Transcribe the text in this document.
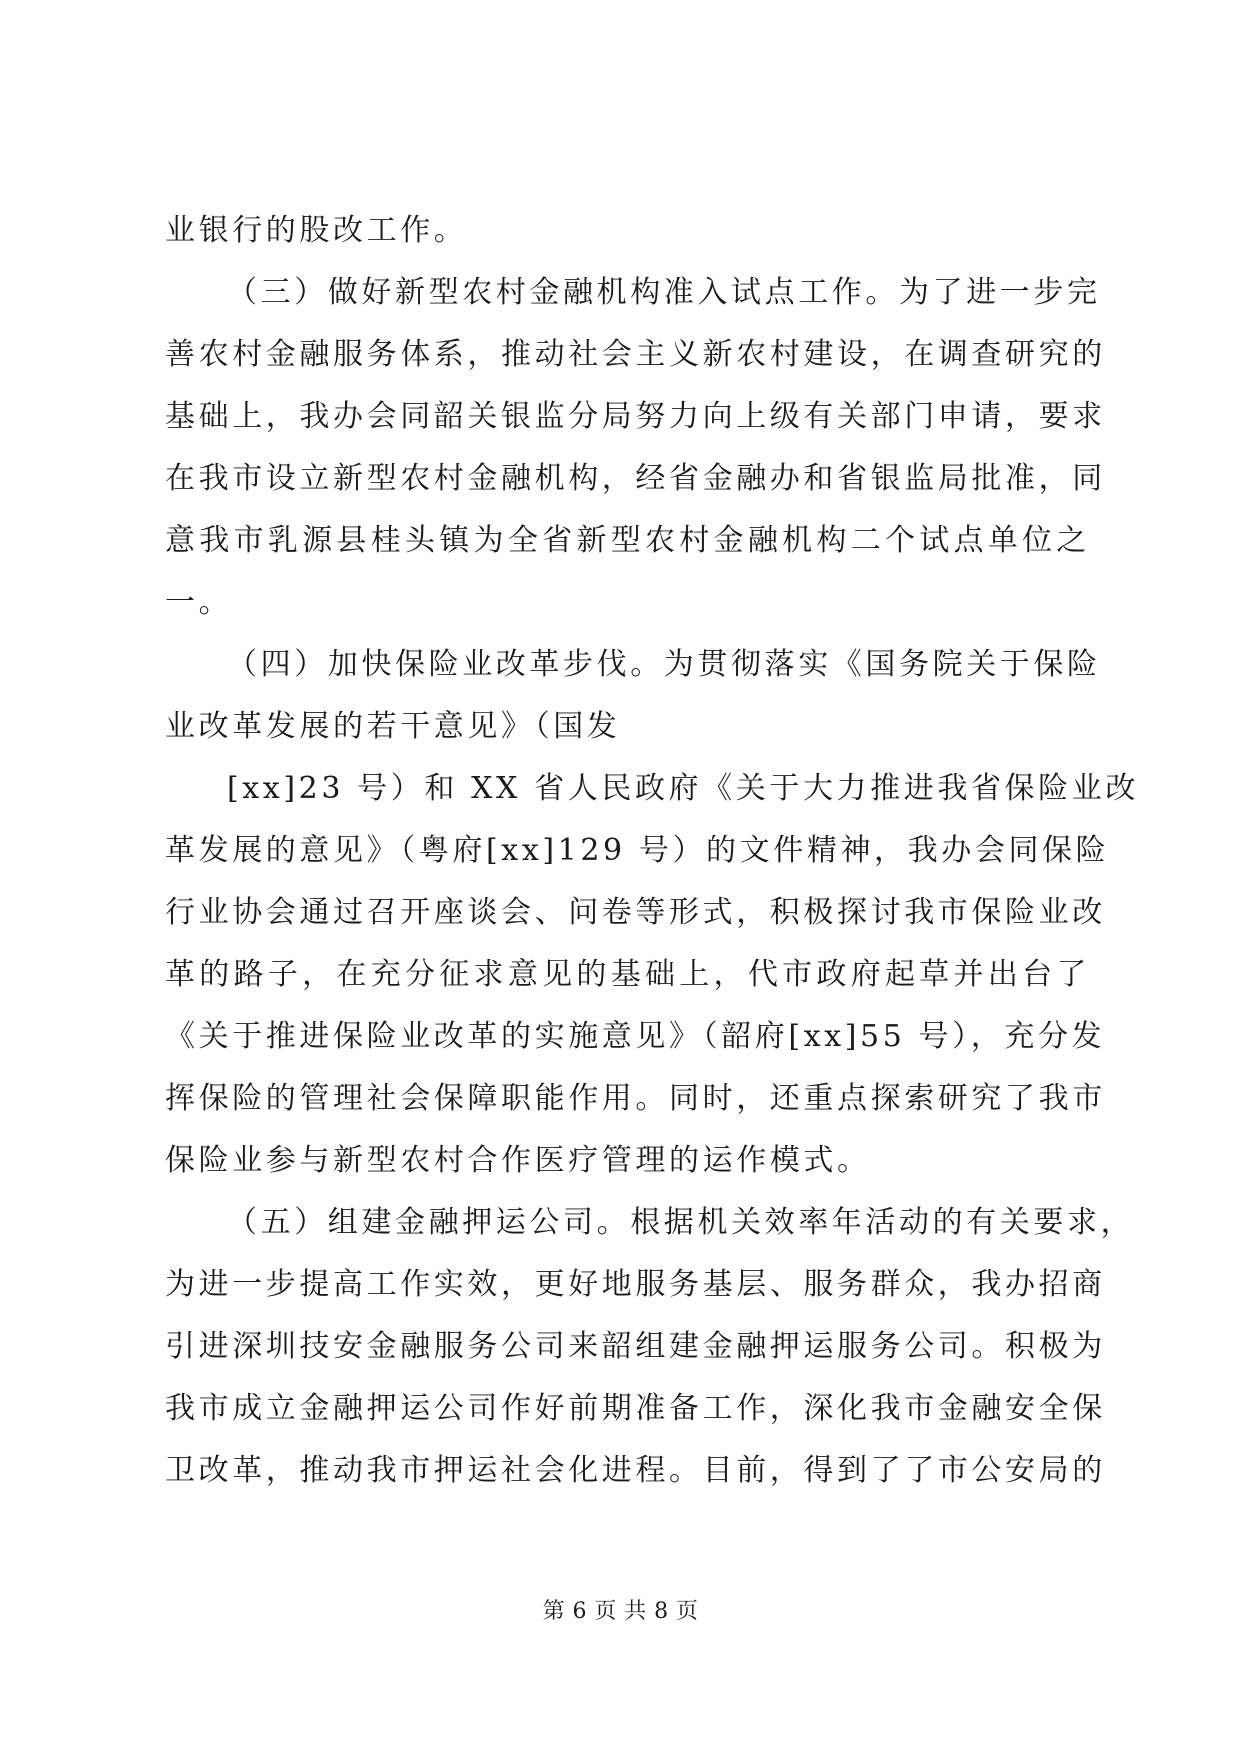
业银行的股改工作。
（三）做好新型农村金融机构准入试点工作。为了进一步完
善农村金融服务体系，推动社会主义新农村建设，在调查研究的
基础上，我办会同韶关银监分局努力向上级有关部门申请，要求
在我市设立新型农村金融机构，经省金融办和省银监局批准，同
意我市乳源县桂头镇为全省新型农村金融机构二个试点单位之
一。
（四）加快保险业改革步伐。为贯彻落实《国务院关于保险
业改革发展的若干意见》（国发
[xx]23 号）和 XX 省人民政府《关于大力推进我省保险业改
革发展的意见》（粤府[xx]129 号）的文件精神，我办会同保险
行业协会通过召开座谈会、问卷等形式，积极探讨我市保险业改
革的路子，在充分征求意见的基础上，代市政府起草并出台了
《关于推进保险业改革的实施意见》（韶府[xx]55 号），充分发
挥保险的管理社会保障职能作用。同时，还重点探索研究了我市
保险业参与新型农村合作医疗管理的运作模式。
（五）组建金融押运公司。根据机关效率年活动的有关要求，
为进一步提高工作实效，更好地服务基层、服务群众，我办招商
引进深圳技安金融服务公司来韶组建金融押运服务公司。积极为
我市成立金融押运公司作好前期准备工作，深化我市金融安全保
卫改革，推动我市押运社会化进程。目前，得到了了市公安局的
第 6 页 共 8 页
